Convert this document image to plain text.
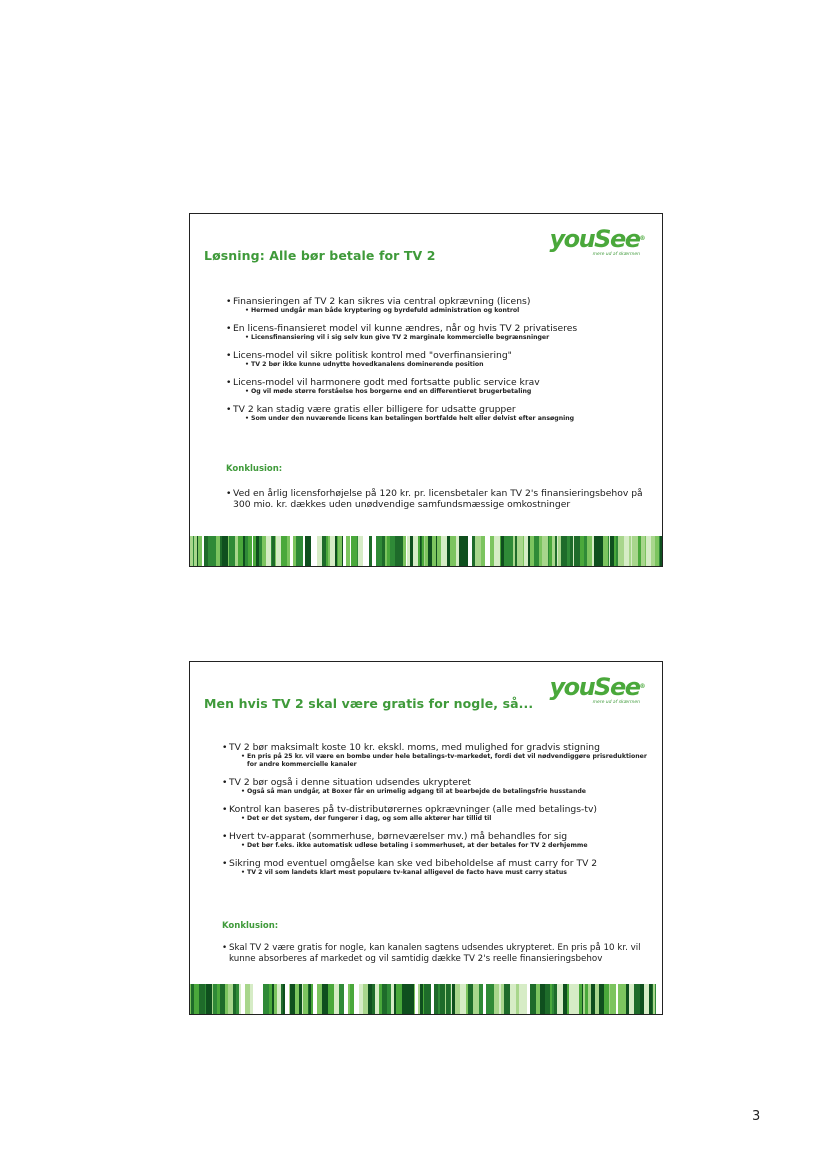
Løsning: Alle bør betale for TV 2
youSee®
mere ud af skærmen
• Finansieringen af TV 2 kan sikres via central opkrævning (licens)
• Hermed undgår man både kryptering og byrdefuld administration og kontrol
• En licens-finansieret model vil kunne ændres, når og hvis TV 2 privatiseres
• Licensfinansiering vil i sig selv kun give TV 2 marginale kommercielle begrænsninger
• Licens-model vil sikre politisk kontrol med "overfinansiering"
• TV 2 bør ikke kunne udnytte hovedkanalens dominerende position
• Licens-model vil harmonere godt med fortsatte public service krav
• Og vil møde større forståelse hos borgerne end en differentieret brugerbetaling
• TV 2 kan stadig være gratis eller billigere for udsatte grupper
• Som under den nuværende licens kan betalingen bortfalde helt eller delvist efter ansøgning
Konklusion:
• Ved en årlig licensforhøjelse på 120 kr. pr. licensbetaler kan TV 2's finansieringsbehov på 300 mio. kr. dækkes uden unødvendige samfundsmæssige omkostninger
Men hvis TV 2 skal være gratis for nogle, så...
youSee®
mere ud af skærmen
• TV 2 bør maksimalt koste 10 kr. ekskl. moms, med mulighed for gradvis stigning
• En pris på 25 kr. vil være en bombe under hele betalings-tv-markedet, fordi det vil nødvendiggøre prisreduktioner for andre kommercielle kanaler
• TV 2 bør også i denne situation udsendes ukrypteret
• Også så man undgår, at Boxer får en urimelig adgang til at bearbejde de betalingsfrie husstande
• Kontrol kan baseres på tv-distributørernes opkrævninger (alle med betalings-tv)
• Det er det system, der fungerer i dag, og som alle aktører har tillid til
• Hvert tv-apparat (sommerhuse, børneværelser mv.) må behandles for sig
• Det bør f.eks. ikke automatisk udløse betaling i sommerhuset, at der betales for TV 2 derhjemme
• Sikring mod eventuel omgåelse kan ske ved bibeholdelse af must carry for TV 2
• TV 2 vil som landets klart mest populære tv-kanal alligevel de facto have must carry status
Konklusion:
• Skal TV 2 være gratis for nogle, kan kanalen sagtens udsendes ukrypteret. En pris på 10 kr. vil kunne absorberes af markedet og vil samtidig dække TV 2's reelle finansieringsbehov
3
